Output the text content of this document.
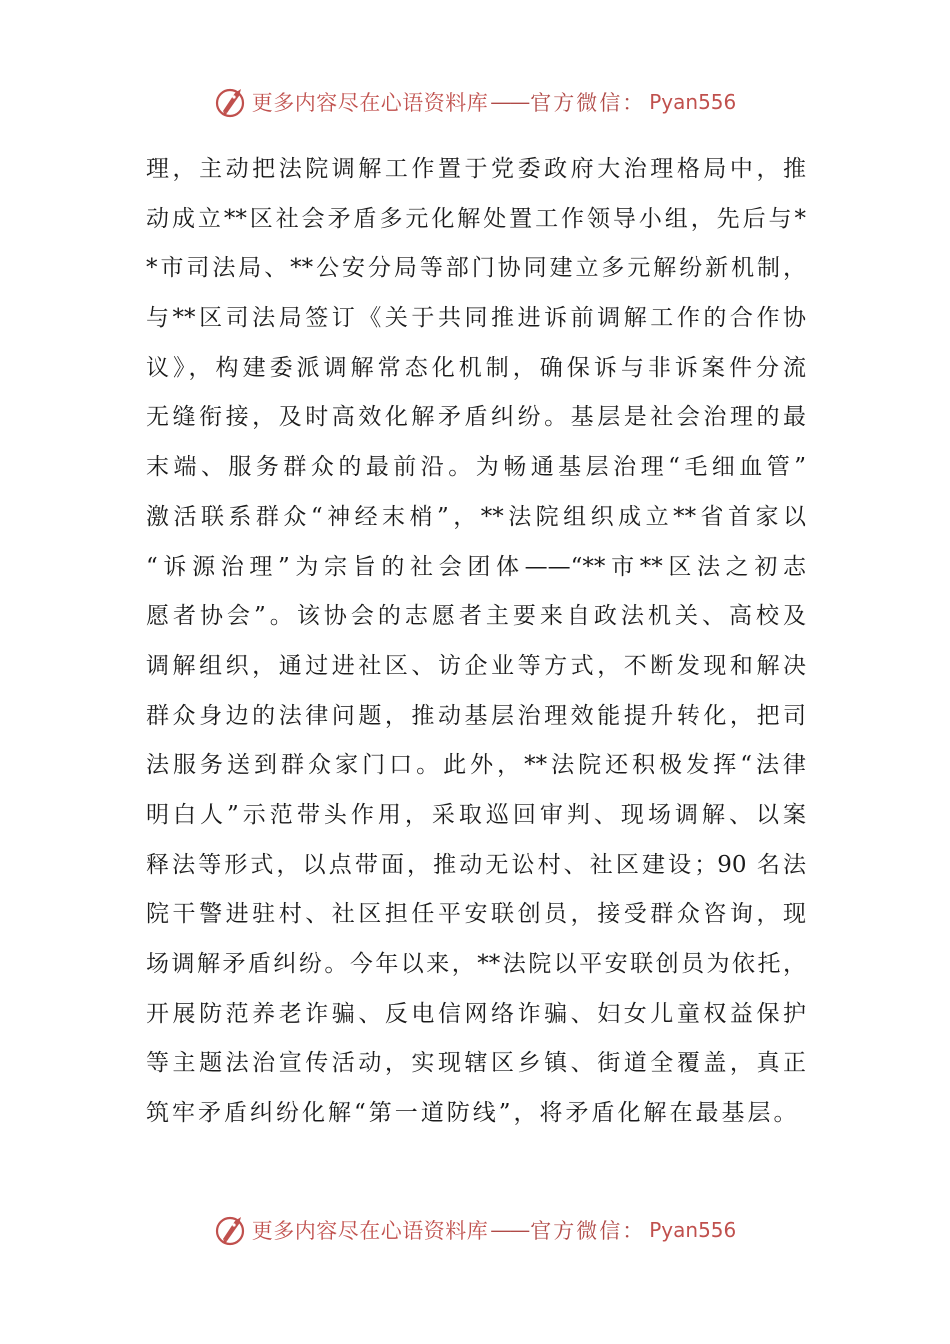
更多内容尽在心语资料库 —— 官方微信： Pyan556
理，主动把法院调解工作置于党委政府大治理格局中，推
动成立**区社会矛盾多元化解处置工作领导小组，先后与*
*市司法局、**公安分局等部门协同建立多元解纷新机制，
与**区司法局签订《关于共同推进诉前调解工作的合作协
议》，构建委派调解常态化机制，确保诉与非诉案件分流
无缝衔接，及时高效化解矛盾纠纷。基层是社会治理的最
末端、服务群众的最前沿。为畅通基层治理“毛细血管”
激活联系群众“神经末梢”，**法院组织成立**省首家以
“诉源治理”为宗旨的社会团体——“**市**区法之初志
愿者协会”。该协会的志愿者主要来自政法机关、高校及
调解组织，通过进社区、访企业等方式，不断发现和解决
群众身边的法律问题，推动基层治理效能提升转化，把司
法服务送到群众家门口。此外，**法院还积极发挥“法律
明白人”示范带头作用，采取巡回审判、现场调解、以案
释法等形式，以点带面，推动无讼村、社区建设；90 名法
院干警进驻村、社区担任平安联创员，接受群众咨询，现
场调解矛盾纠纷。今年以来，**法院以平安联创员为依托，
开展防范养老诈骗、反电信网络诈骗、妇女儿童权益保护
等主题法治宣传活动，实现辖区乡镇、街道全覆盖，真正
筑牢矛盾纠纷化解“第一道防线”，将矛盾化解在最基层。
更多内容尽在心语资料库 —— 官方微信： Pyan556
